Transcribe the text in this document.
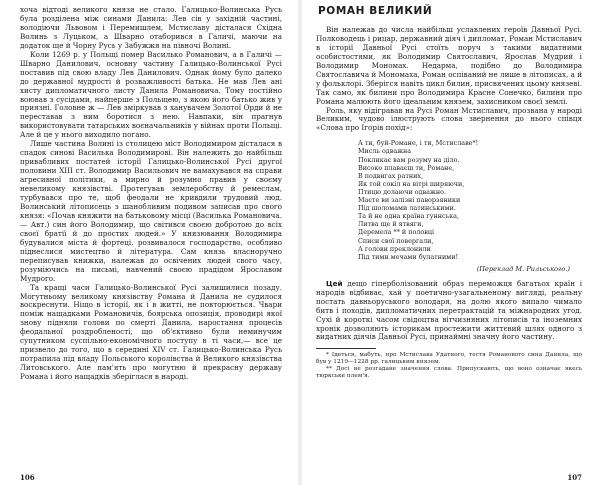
хоча відтоді великого князя не стало. Галицько-Волинська Русь була розділена між синами Данила: Лев сів у західній частині, володіючи Львовом і Перемишлем, Мстиславу дісталася Східна Волинь з Луцьком, а Шварно отаборився в Галичі, маючи на додаток ще й Чорну Русь у Забужжя на півночі Волині.

Коли 1269 р. у Польщі помер Василько Романович, а в Галичі — Шварно Данилович, основну частину Галицько-Волинської Русі поставив під свою владу Лев Данилович. Однак йому було далеко до державної мудрості й розважливості батька. Не мав Лев ані хисту дипломатичного листу Данила Романовича. Тому постійно воював з сусідами, найперше з Польщею, з якою його батько жив у приязні. Головне ж — Лев зміркував з ханувачем Золотої Орди й не переставав з ним боротися з нею. Навпаки, він прагнув використовувати татарських воєначальників у війнах проти Польщі. Але й це у нього виходило погано.

Лише частина Волині із столицею міст Володимиром дісталася в спадок синові Василька Володимирові. Він належить до найбільш привабливих постатей історії Галицько-Волинської Русі другої половини XIII ст. Володимир Васильович не вамахувався на справи агресивної політики, а мирно й розумно правив у своєму невеликому князівстві. Протегував землеробству й ремеслам, турбувався про те, щоб феодали не кривдили трудовий люд. Волинський літописець з шанобливим подивом записав про свого князя: «Почав княжити на батьковому місці (Василька Романовича.— Авт.) син його Володимир, що світився своєю добротою до всіх своєї братії й до простих людей.» У князювання Володимира будувалися міста й фортеці, розвивалося господарство, особливо піднеслися мистецтво й література. Сам князь власноручно переписував книжки, належав до освічених людей свого часу, розуміючись на письмі, навчений своєю прадідом Ярославом Мудрого.

Та кращі часи Галицько-Волинської Русі залишилися позаду. Могутньому великому князівству Романа й Данила не судилося воскреснути. Ніщо в історії, як і в житті, не повторюється. Чвари поміж нащадками Романовичів, боярська опозиція, проводирі якої знову підняли голови по смерті Данила, наростання процесів феодальної роздробленості, що об'єктивно були неминучим супутником суспільно-економічного поступу в ті часи,— все це призвело до того, що в середині XIV ст. Галицько-Волинська Русь потрапила під владу Польського королівства й Великого князівства Литовського. Але пам'ять про могутню й прекрасну державу Романа і його нащадків зберіглася в народі.

106
РОМАН ВЕЛИКИЙ

Він належав до числа найбільш уславлених героїв Давньої Русі. Полководець і рицар, державний діяч і дипломат, Роман Мстиславич в історії Давньої Русі стоїть поруч з такими видатними особистостями, як Володимир Святославич, Ярослав Мудрий і Володимир Мономах. Недарма, подібно до Володимира Святославича й Мономаха, Роман оспіваний не лише в літописах, а й у фольклорі. Зберігся навіть цикл билин, присвячених цьому князеві. Так само, як билини про Володимира Красне Сонечко, билини про Романа малюють його ідеальним князем, захисником своєї землі.

Роль, яку відігравав на Русі Роман Мстиславич, прозвана у народі Великим, чудово ілюструють слова звернення до нього співця «Слова про Ігорів похід»:

А ти, буй-Романе, і ти, Мстиславе*!
Мисль одважна
Покликає вам розуму на діло.
Високо плаваєш ти, Романе,
В подвигах ратних,
Як той сокіл на вітрі ширяючи,
Птицю долаючи одважно.
Маєте ви залізні паворзяники
Під шоломами латинськими.
Та й не одна країна гуннська,
Литва ще й ятвяги,
Деремела ** й половці
Списи свої повергали,
А голови преклонили
Під тими мечами булатними!
(Переклад М. Рильського.)

Цей дещо гіперболізований образ переможця багатьох країн і народів відбиває, хай у поетично-узагальненому вигляді, реальну постать давньоруського володаря, на долю якого випало чимало битв і походів, дипломатичних перетрактацій та міжнародних угод. Сухі й короткі часом свідоцтва вітчизняних літописів та іноземних хронік дозволяють історикам простежити життєвий шлях одного з видатних діячів Давньої Русі, принаймні значну його частину.

* Ідеться, мабуть, про Мстислава Удатного, тестя Романового сина Данила, що був у 1219—1228 рр. галицьким князем.

** Досі не розгадане значення слова. Припускають, що воно означає якесь тюркське плем'я.

107
